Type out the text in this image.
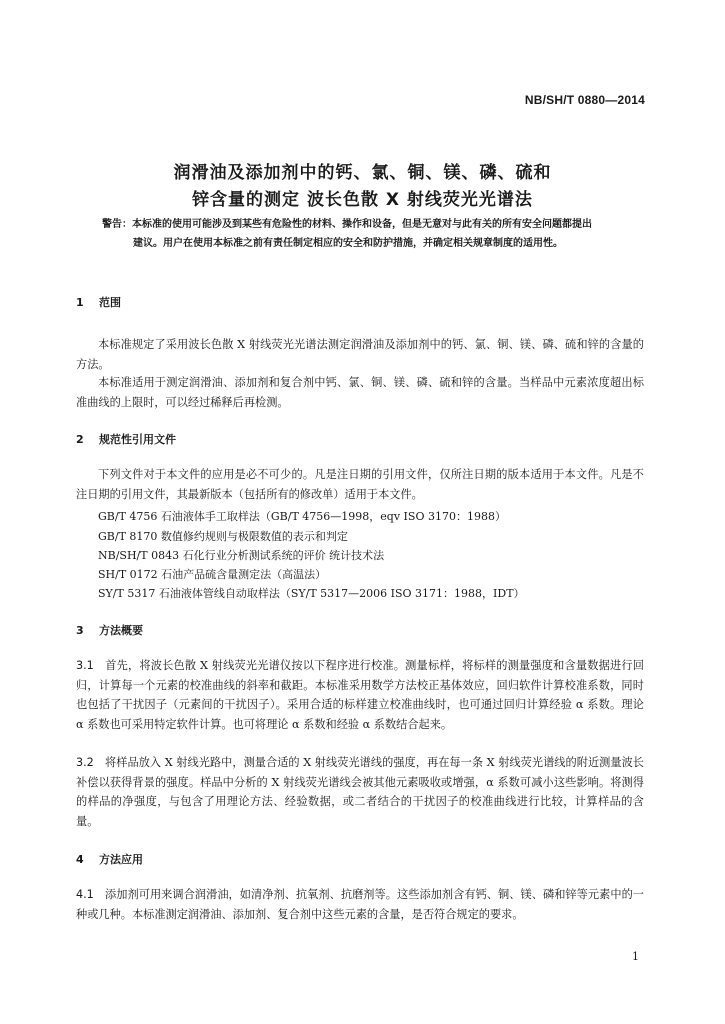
NB/SH/T 0880—2014
润滑油及添加剂中的钙、氯、铜、镁、磷、硫和
锌含量的测定 波长色散 X 射线荧光光谱法
警告：本标准的使用可能涉及到某些有危险性的材料、操作和设备，但是无意对与此有关的所有安全问题都提出
建议。用户在使用本标准之前有责任制定相应的安全和防护措施，并确定相关规章制度的适用性。
1 范围
本标准规定了采用波长色散 X 射线荧光光谱法测定润滑油及添加剂中的钙、氯、铜、镁、磷、硫和锌的含量的方法。
本标准适用于测定润滑油、添加剂和复合剂中钙、氯、铜、镁、磷、硫和锌的含量。当样品中元素浓度超出标准曲线的上限时，可以经过稀释后再检测。
2 规范性引用文件
下列文件对于本文件的应用是必不可少的。凡是注日期的引用文件，仅所注日期的版本适用于本文件。凡是不注日期的引用文件，其最新版本（包括所有的修改单）适用于本文件。
GB/T 4756 石油液体手工取样法（GB/T 4756—1998，eqv ISO 3170：1988）
GB/T 8170 数值修约规则与极限数值的表示和判定
NB/SH/T 0843 石化行业分析测试系统的评价 统计技术法
SH/T 0172 石油产品硫含量测定法（高温法）
SY/T 5317 石油液体管线自动取样法（SY/T 5317—2006 ISO 3171：1988，IDT）
3 方法概要
3.1 首先，将波长色散 X 射线荧光光谱仪按以下程序进行校准。测量标样，将标样的测量强度和含量数据进行回归，计算每一个元素的校准曲线的斜率和截距。本标准采用数学方法校正基体效应，回归软件计算校准系数，同时也包括了干扰因子（元素间的干扰因子）。采用合适的标样建立校准曲线时，也可通过回归计算经验 α 系数。理论 α 系数也可采用特定软件计算。也可将理论 α 系数和经验 α 系数结合起来。
3.2 将样品放入 X 射线光路中，测量合适的 X 射线荧光谱线的强度，再在每一条 X 射线荧光谱线的附近测量波长补偿以获得背景的强度。样品中分析的 X 射线荧光谱线会被其他元素吸收或增强，α 系数可减小这些影响。将测得的样品的净强度，与包含了用理论方法、经验数据，或二者结合的干扰因子的校准曲线进行比较，计算样品的含量。
4 方法应用
4.1 添加剂可用来调合润滑油，如清净剂、抗氧剂、抗磨剂等。这些添加剂含有钙、铜、镁、磷和锌等元素中的一种或几种。本标准测定润滑油、添加剂、复合剂中这些元素的含量，是否符合规定的要求。
1
